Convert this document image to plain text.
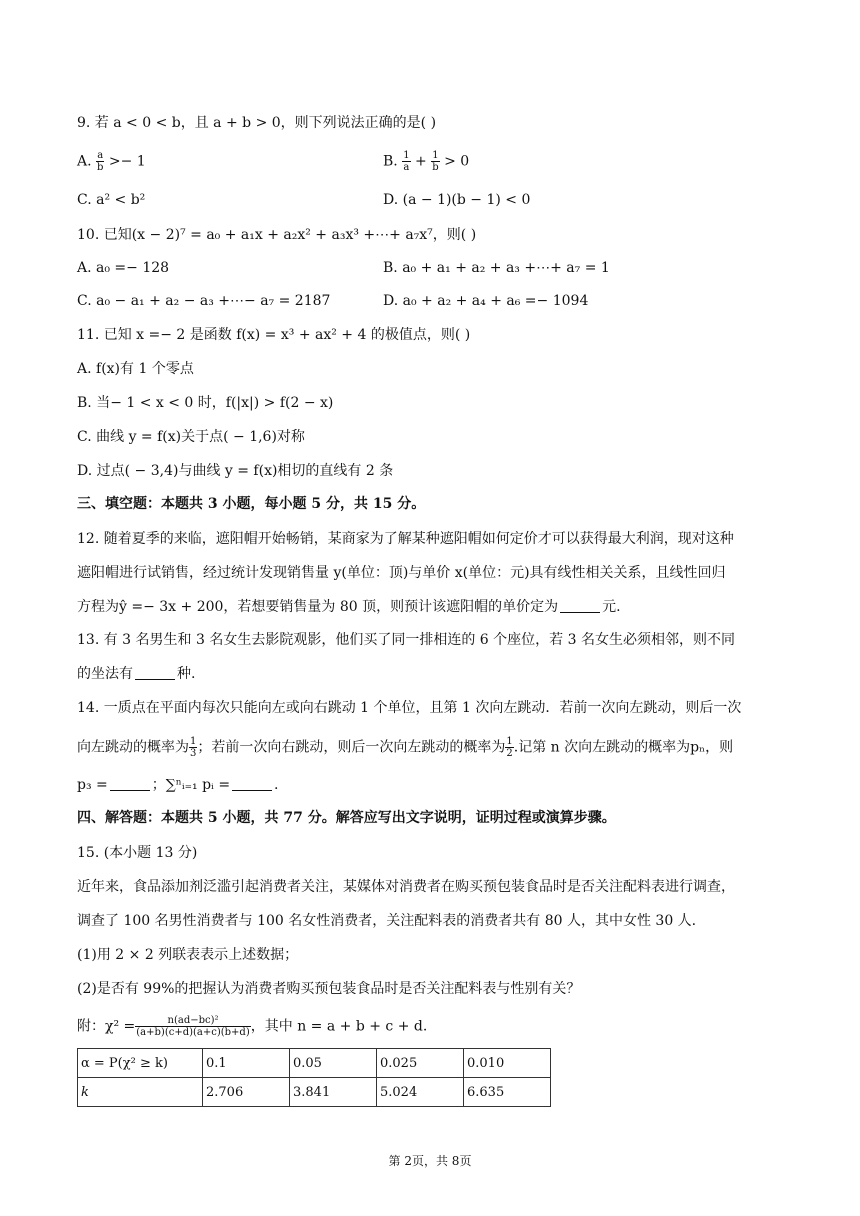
9. 若 a < 0 < b，且 a + b > 0，则下列说法正确的是( )
A. $\frac{a}{b} >- 1$	B. $\frac{1}{a} + \frac{1}{b} > 0$
C. a² < b²	D. (a − 1)(b − 1) < 0
10. 已知(x − 2)⁷ = a₀ + a₁x + a₂x² + a₃x³ +⋯+ a₇x⁷，则( )
A. a₀ =− 128	B. a₀ + a₁ + a₂ + a₃ +⋯+ a₇ = 1
C. a₀ − a₁ + a₂ − a₃ +⋯− a₇ = 2187	D. a₀ + a₂ + a₄ + a₆ =− 1094
11. 已知 x =− 2 是函数 f(x) = x³ + ax² + 4 的极值点，则( )
A. f(x)有 1 个零点
B. 当− 1 < x < 0 时，f(|x|) > f(2 − x)
C. 曲线 y = f(x)关于点( − 1,6)对称
D. 过点( − 3,4)与曲线 y = f(x)相切的直线有 2 条
三、填空题：本题共 3 小题，每小题 5 分，共 15 分。
12. 随着夏季的来临，遮阳帽开始畅销，某商家为了解某种遮阳帽如何定价才可以获得最大利润，现对这种
遮阳帽进行试销售，经过统计发现销售量 y(单位：顶)与单价 x(单位：元)具有线性相关关系，且线性回归
方程为ŷ =− 3x + 200，若想要销售量为 80 顶，则预计该遮阳帽的单价定为	元.
13. 有 3 名男生和 3 名女生去影院观影，他们买了同一排相连的 6 个座位，若 3 名女生必须相邻，则不同
的坐法有	种.
14. 一质点在平面内每次只能向左或向右跳动 1 个单位，且第 1 次向左跳动．若前一次向左跳动，则后一次
向左跳动的概率为 $\frac{1}{3}$ ；若前一次向右跳动，则后一次向左跳动的概率为 $\frac{1}{2}$ .记第 n 次向左跳动的概率为pₙ，则
p₃ =	；∑ⁿᵢ₌₁ pᵢ =	.
四、解答题：本题共 5 小题，共 77 分。解答应写出文字说明，证明过程或演算步骤。
15. (本小题 13 分)
近年来，食品添加剂泛滥引起消费者关注，某媒体对消费者在购买预包装食品时是否关注配料表进行调查，
调查了 100 名男性消费者与 100 名女性消费者，关注配料表的消费者共有 80 人，其中女性 30 人.
(1)用 2 × 2 列联表表示上述数据；
(2)是否有 99%的把握认为消费者购买预包装食品时是否关注配料表与性别有关？
附：$\chi^2 = \frac{\text{n(ad−bc)²}}{(a+b)(c+d)(a+c)(b+d)}$ ，其中 n = a + b + c + d.
α = P(χ² ≥ k)	0.1	0.05	0.025	0.010
k	2.706	3.841	5.024	6.635
第 2页，共 8页
